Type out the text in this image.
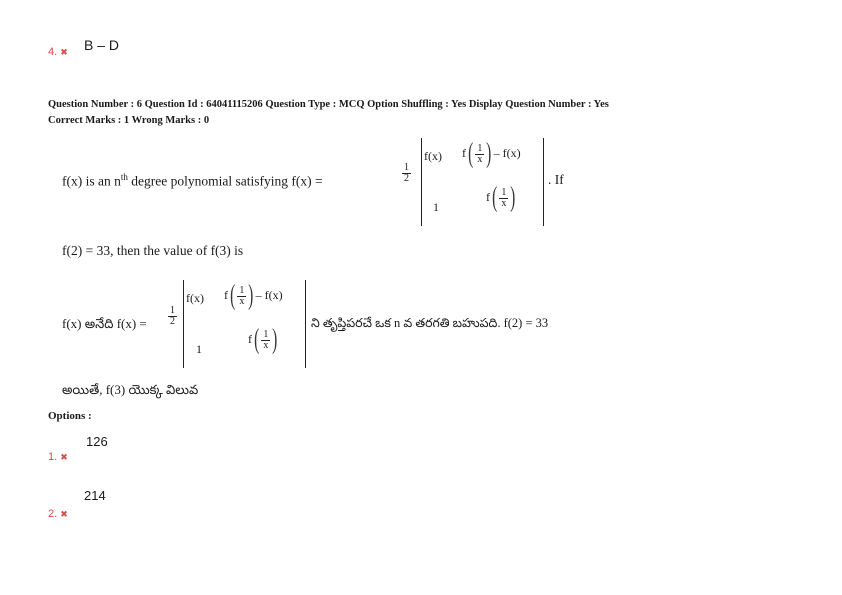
4. ✖ B – D
Question Number : 6 Question Id : 64041115206 Question Type : MCQ Option Shuffling : Yes Display Question Number : Yes
Correct Marks : 1 Wrong Marks : 0
f(x) is an $n^{th}$ degree polynomial satisfying f(x) =	$\frac{1}{2}$
f(x) $f( \frac{1}{x}$ ) – f(x)
1
$f( \frac{1}{x}$ )
. If
f(2) = 33, then the value of f(3) is
f(x) అనేది $f(x) = \frac{1}{2}$
f(x) $f( \frac{1}{x}$ ) – f(x)
1
$f( \frac{1}{x}$ )
ని తృప్తిపరచే ఒక n వ తరగతి బహుపది. f(2) = 33
అయితే, f(3) యొక్క విలువ
Options :
126
1. ✖
214
2. ✖
